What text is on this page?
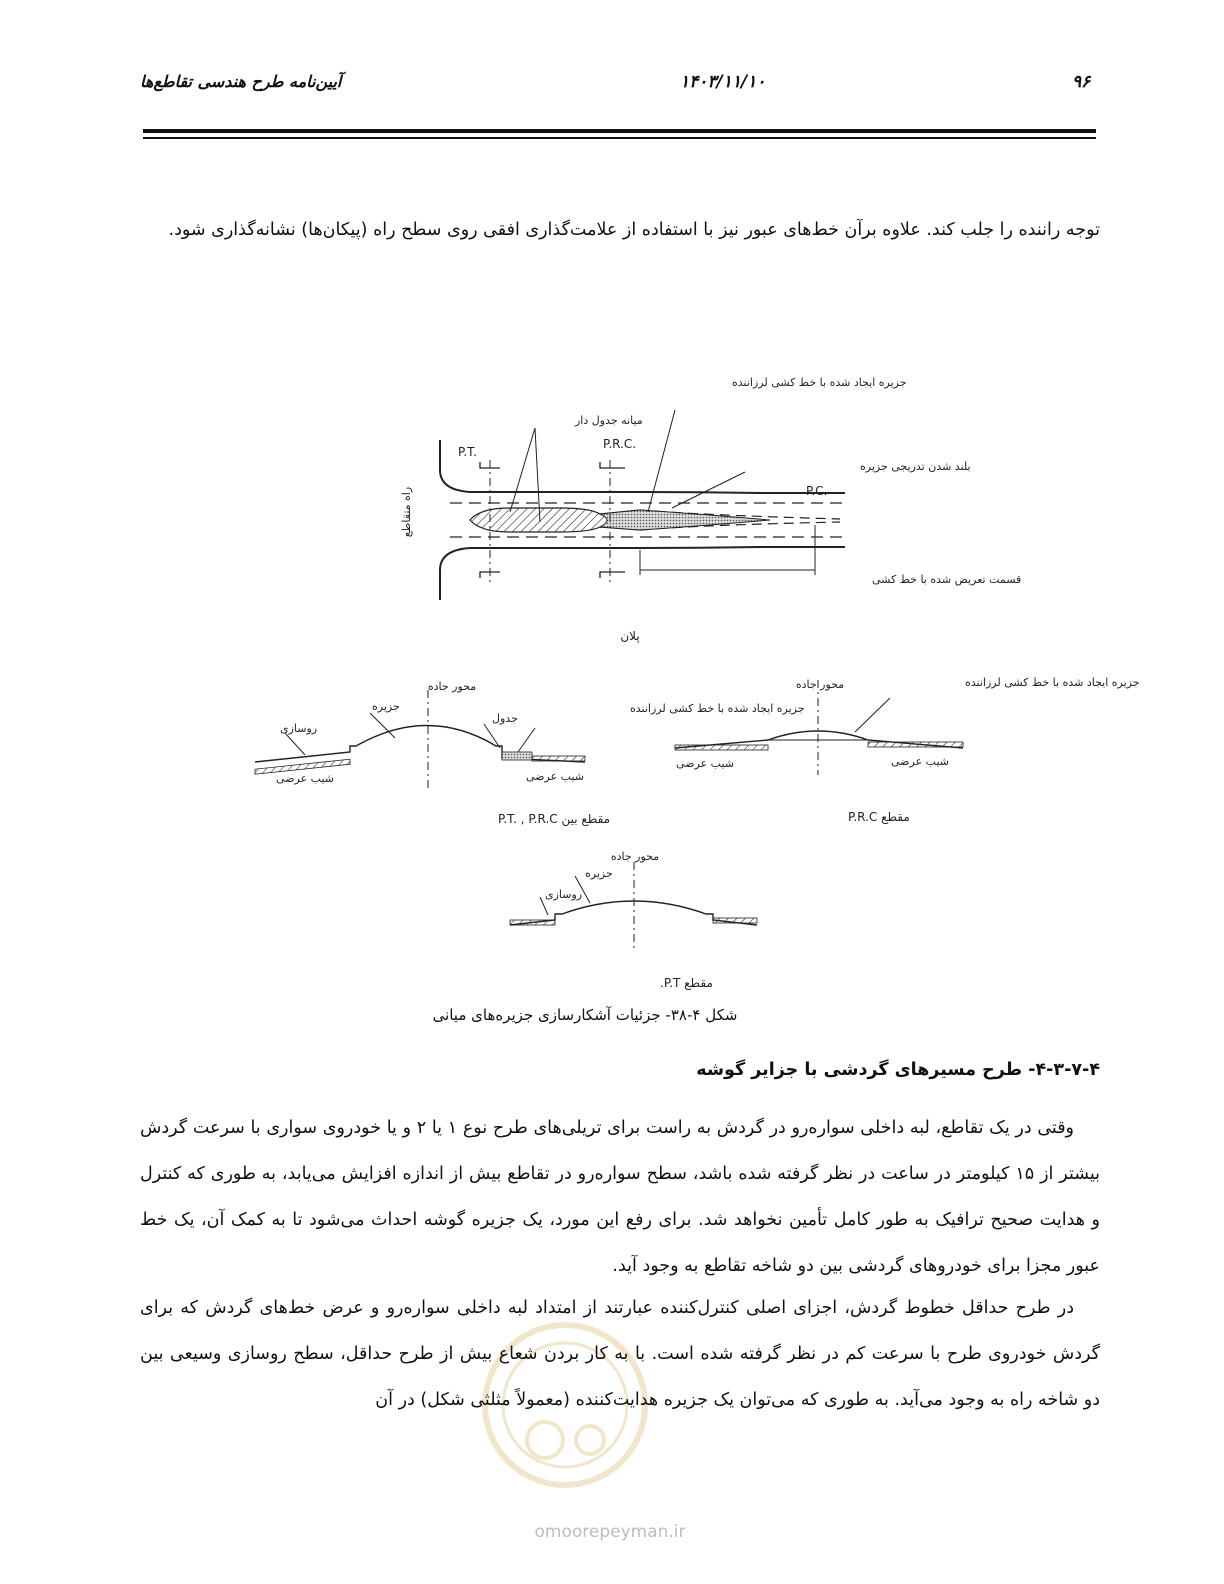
۹۶
۱۴۰۳/۱۱/۱۰
آیین‌نامه طرح هندسی تقاطع‌ها
توجه راننده را جلب کند. علاوه برآن خط‌های عبور نیز با استفاده از علامت‌گذاری افقی روی سطح راه (پیکان‌ها) نشانه‌گذاری شود.
جزیره ایجاد شده با خط کشی لرزاننده
میانه جدول دار
P.T.
P.R.C.
بلند شدن تدریجی جزیره
P.C.
راه متقاطع
قسمت تعریض شده با خط کشی
پلان
محور جاده
جزیره
روسازی
جدول
جزیره ایجاد شده با خط کشی لرزاننده
شیب عرضی	شیب عرضی
مقطع بین P.T. , P.R.C
محور جاده	جزیره ایجاد شده با خط کشی لرزاننده
شیب عرضی	شیب عرضی
مقطع P.R.C
محور جاده
جزیره
روسازی
مقطع P.T.
شکل ۴-۳۸- جزئیات آشکارسازی جزیره‌های میانی
۴-۳-۷-۴- طرح مسیرهای گردشی با جزایر گوشه
وقتی در یک تقاطع، لبه داخلی سواره‌رو در گردش به راست برای تریلی‌های طرح نوع ۱ یا ۲ و یا خودروی سواری با سرعت گردش بیشتر از ۱۵ کیلومتر در ساعت در نظر گرفته شده باشد، سطح سواره‌رو در تقاطع بیش از اندازه افزایش می‌یابد، به طوری که کنترل و هدایت صحیح ترافیک به طور کامل تأمین نخواهد شد. برای رفع این مورد، یک جزیره گوشه احداث می‌شود تا به کمک آن، یک خط عبور مجزا برای خودروهای گردشی بین دو شاخه تقاطع به وجود آید.
در طرح حداقل خطوط گردش، اجزای اصلی کنترل‌کننده عبارتند از امتداد لبه داخلی سواره‌رو و عرض خط‌های گردش که برای گردش خودروی طرح با سرعت کم در نظر گرفته شده است. با به کار بردن شعاع بیش از طرح حداقل، سطح روسازی وسیعی بین دو شاخه راه به وجود می‌آید. به طوری که می‌توان یک جزیره هدایت‌کننده (معمولاً مثلثی شکل) در آن
omoorepeyman.ir
